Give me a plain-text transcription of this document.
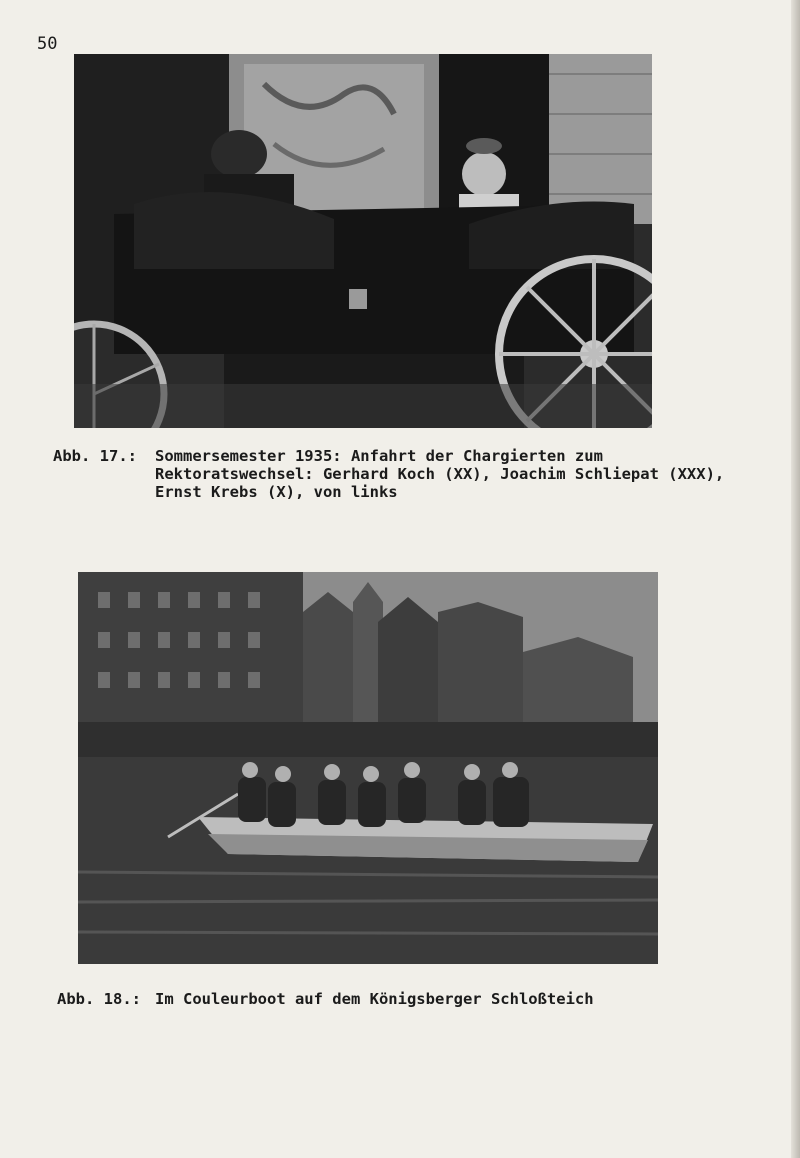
50
Abb. 17.: Sommersemester 1935: Anfahrt der Chargierten zum
Rektoratswechsel: Gerhard Koch (XX), Joachim Schliepat (XXX),
Ernst Krebs (X), von links
Abb. 18.: Im Couleurboot auf dem Königsberger Schloßteich
